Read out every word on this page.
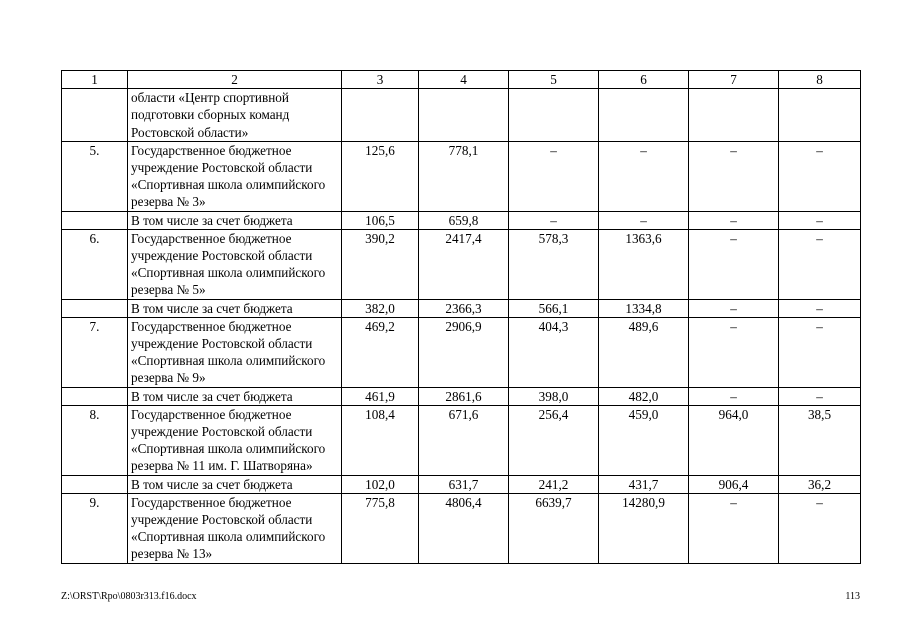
1	2	3	4	5	6	7	8
	области «Центр спортивной подготовки сборных команд Ростовской области»						
5.	Государственное бюджетное учреждение Ростовской области «Спортивная школа олимпийского резерва № 3»	125,6	778,1	–	–	–	–
	В том числе за счет бюджета	106,5	659,8	–	–	–	–
6.	Государственное бюджетное учреждение Ростовской области «Спортивная школа олимпийского резерва № 5»	390,2	2417,4	578,3	1363,6	–	–
	В том числе за счет бюджета	382,0	2366,3	566,1	1334,8	–	–
7.	Государственное бюджетное учреждение Ростовской области «Спортивная школа олимпийского резерва № 9»	469,2	2906,9	404,3	489,6	–	–
	В том числе за счет бюджета	461,9	2861,6	398,0	482,0	–	–
8.	Государственное бюджетное учреждение Ростовской области «Спортивная школа олимпийского резерва № 11 им. Г. Шатворяна»	108,4	671,6	256,4	459,0	964,0	38,5
	В том числе за счет бюджета	102,0	631,7	241,2	431,7	906,4	36,2
9.	Государственное бюджетное учреждение Ростовской области «Спортивная школа олимпийского резерва № 13»	775,8	4806,4	6639,7	14280,9	–	–
Z:\ORST\Rpo\0803r313.f16.docx	113
